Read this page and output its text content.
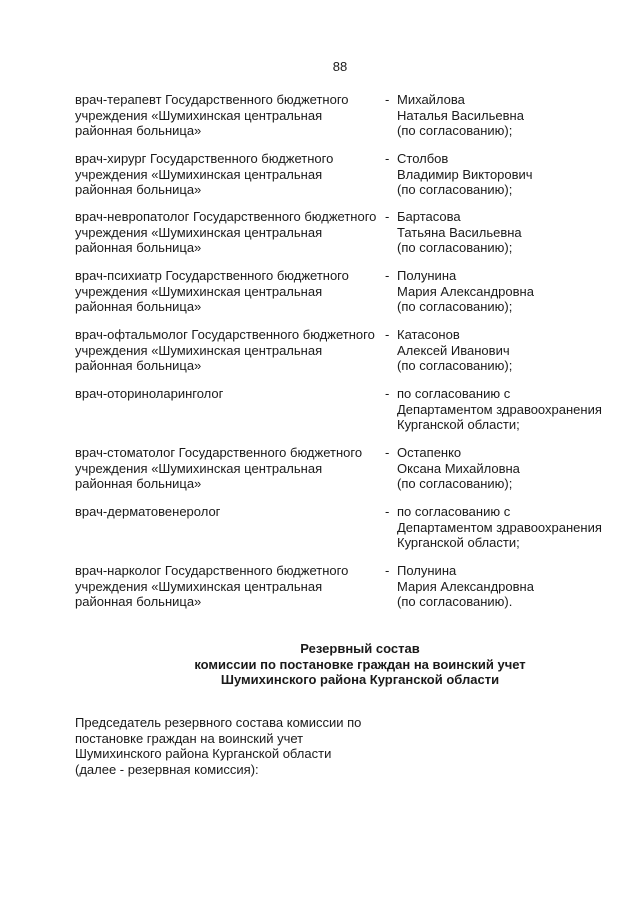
88
врач-терапевт Государственного бюджетного
учреждения «Шумихинская центральная
районная больница»
- Михайлова
Наталья Васильевна
(по согласованию);
врач-хирург Государственного бюджетного
учреждения «Шумихинская центральная
районная больница»
- Столбов
Владимир Викторович
(по согласованию);
врач-невропатолог Государственного бюджетного
учреждения «Шумихинская центральная
районная больница»
- Бартасова
Татьяна Васильевна
(по согласованию);
врач-психиатр Государственного бюджетного
учреждения «Шумихинская центральная
районная больница»
- Полунина
Мария Александровна
(по согласованию);
врач-офтальмолог Государственного бюджетного
учреждения «Шумихинская центральная
районная больница»
- Катасонов
Алексей Иванович
(по согласованию);
врач-оториноларинголог	- по согласованию с
Департаментом здравоохранения
Курганской области;
врач-стоматолог Государственного бюджетного
учреждения «Шумихинская центральная
районная больница»
- Остапенко
Оксана Михайловна
(по согласованию);
врач-дерматовенеролог	- по согласованию с
Департаментом здравоохранения
Курганской области;
врач-нарколог Государственного бюджетного
учреждения «Шумихинская центральная
районная больница»
- Полунина
Мария Александровна
(по согласованию).
Резервный состав
комиссии по постановке граждан на воинский учет
Шумихинского района Курганской области
Председатель резервного состава комиссии по
постановке граждан на воинский учет
Шумихинского района Курганской области
(далее - резервная комиссия):
